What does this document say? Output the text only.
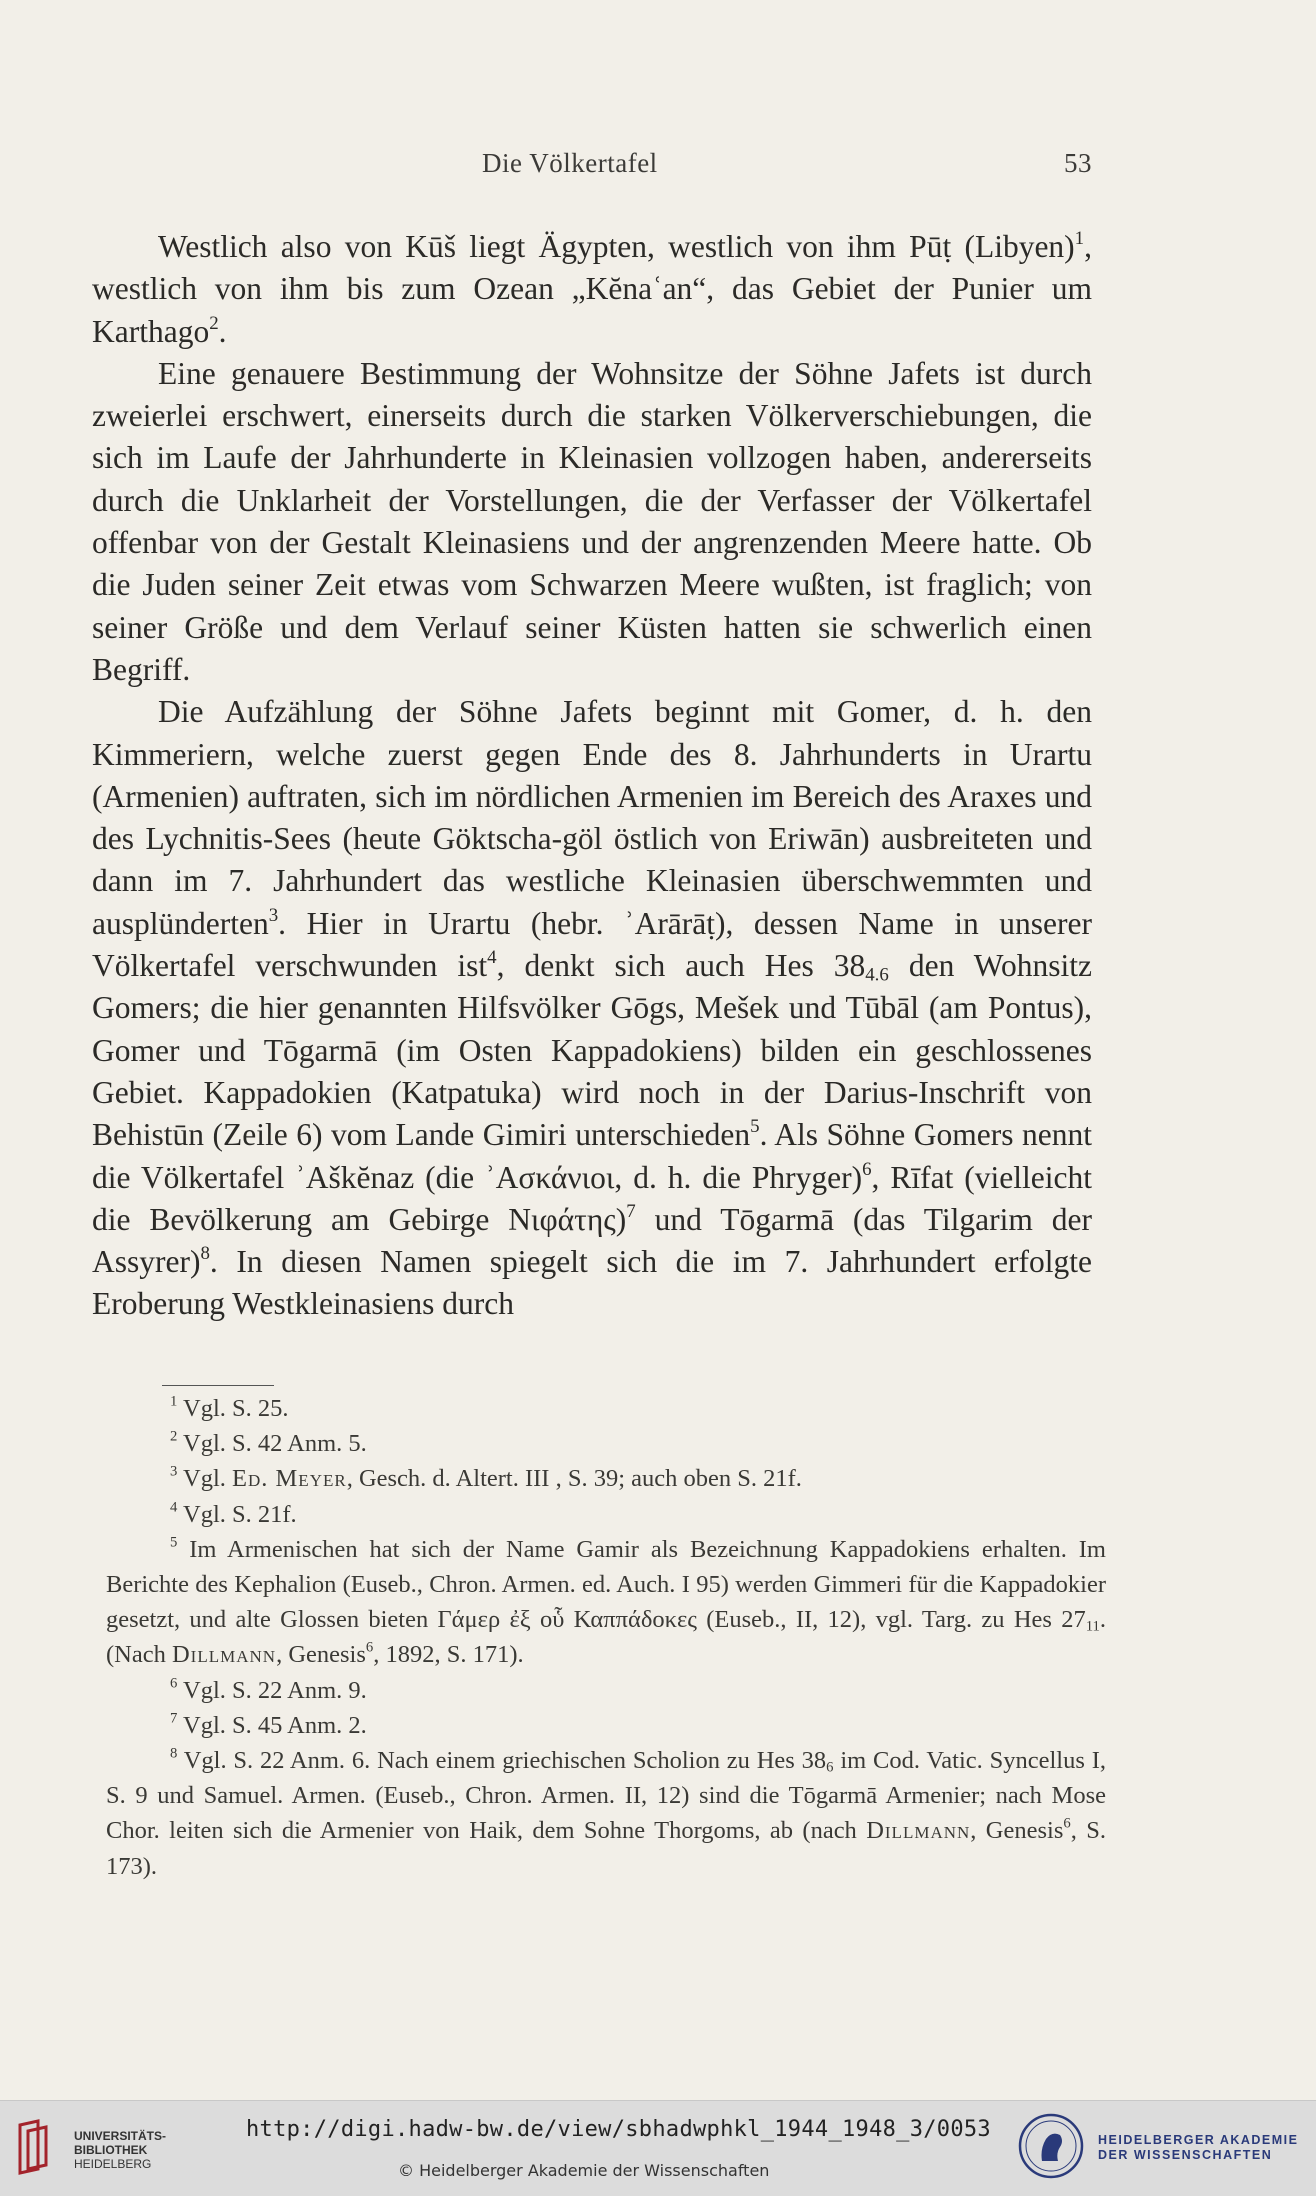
Die Völkertafel	53

Westlich also von Kūš liegt Ägypten, westlich von ihm Pūṭ (Libyen)$^1$, westlich von ihm bis zum Ozean „Kĕnaʿan“, das Gebiet der Punier um Karthago$^2$.

Eine genauere Bestimmung der Wohnsitze der Söhne Jafets ist durch zweierlei erschwert, einerseits durch die starken Völkerverschiebungen, die sich im Laufe der Jahrhunderte in Kleinasien vollzogen haben, andererseits durch die Unklarheit der Vorstellungen, die der Verfasser der Völkertafel offenbar von der Gestalt Kleinasiens und der angrenzenden Meere hatte. Ob die Juden seiner Zeit etwas vom Schwarzen Meere wußten, ist fraglich; von seiner Größe und dem Verlauf seiner Küsten hatten sie schwerlich einen Begriff.

Die Aufzählung der Söhne Jafets beginnt mit Gomer, d. h. den Kimmeriern, welche zuerst gegen Ende des 8. Jahrhunderts in Urartu (Armenien) auftraten, sich im nördlichen Armenien im Bereich des Araxes und des Lychnitis-Sees (heute Göktscha-göl östlich von Eriwān) ausbreiteten und dann im 7. Jahrhundert das westliche Kleinasien überschwemmten und ausplünderten$^3$. Hier in Urartu (hebr. ʾArārāṭ), dessen Name in unserer Völkertafel verschwunden ist$^4$, denkt sich auch Hes $38_{4.6}$ den Wohnsitz Gomers; die hier genannten Hilfsvölker Gōgs, Mešek und Tūbāl (am Pontus), Gomer und Tōgarmā (im Osten Kappadokiens) bilden ein geschlossenes Gebiet. Kappadokien (Katpatuka) wird noch in der Darius-Inschrift von Behistūn (Zeile 6) vom Lande Gimiri unterschieden$^5$. Als Söhne Gomers nennt die Völkertafel ʾAškĕnaz (die ʾΑσκάνιοι, d. h. die Phryger)$^6$, Rīfat (vielleicht die Bevölkerung am Gebirge Νιφάτης)$^7$ und Tōgarmā (das Tilgarim der Assyrer)$^8$. In diesen Namen spiegelt sich die im 7. Jahrhundert erfolgte Eroberung Westkleinasiens durch

$^1$ Vgl. S. 25.

$^2$ Vgl. S. 42 Anm. 5.

$^3$ Vgl. Ed. Meyer, Gesch. d. Altert. III , S. 39; auch oben S. 21f.

$^4$ Vgl. S. 21f.

$^5$ Im Armenischen hat sich der Name Gamir als Bezeichnung Kappadokiens erhalten. Im Berichte des Kephalion (Euseb., Chron. Armen. ed. Auch. I 95) werden Gimmeri für die Kappadokier gesetzt, und alte Glossen bieten Γάμερ ἐξ οὗ Καππάδοκες (Euseb., II, 12), vgl. Targ. zu Hes $27_{11}$. (Nach Dillmann, Genesis$^6$, 1892, S. 171).

$^6$ Vgl. S. 22 Anm. 9.

$^7$ Vgl. S. 45 Anm. 2.

$^8$ Vgl. S. 22 Anm. 6. Nach einem griechischen Scholion zu Hes $38_6$ im Cod. Vatic. Syncellus I, S. 9 und Samuel. Armen. (Euseb., Chron. Armen. II, 12) sind die Tōgarmā Armenier; nach Mose Chor. leiten sich die Armenier von Haik, dem Sohne Thorgoms, ab (nach Dillmann, Genesis$^6$, S. 173).

UNIVERSITÄTS-
BIBLIOTHEK
HEIDELBERG
http://digi.hadw-bw.de/view/sbhadwphkl_1944_1948_3/0053
© Heidelberger Akademie der Wissenschaften
HEIDELBERGER AKADEMIE
DER WISSENSCHAFTEN
